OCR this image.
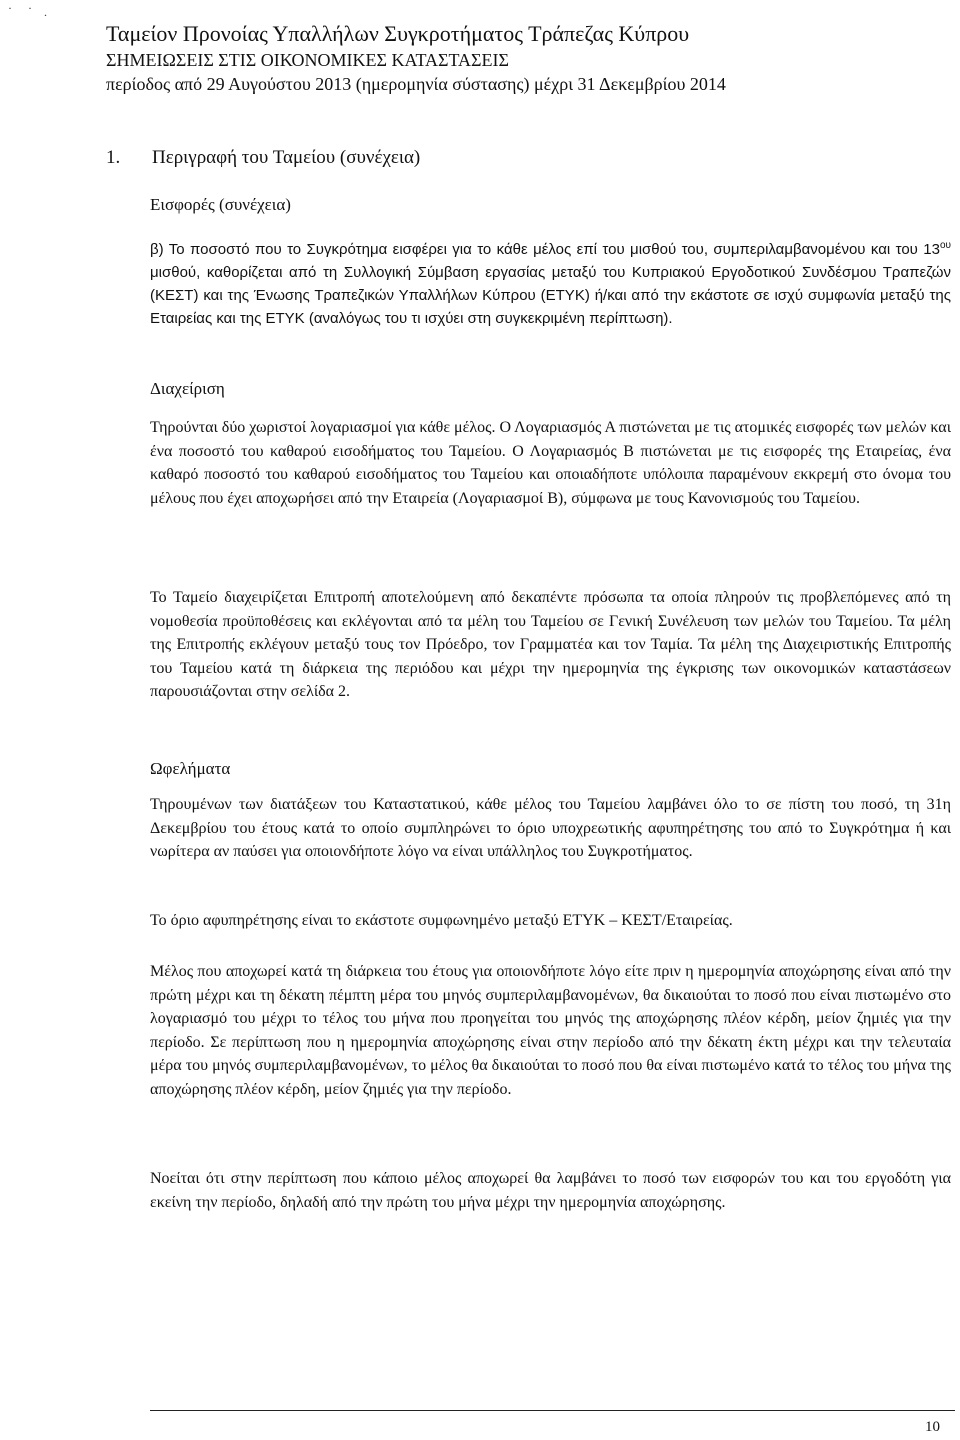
· · .
Ταμείον Προνοίας Υπαλλήλων Συγκροτήματος Τράπεζας Κύπρου
ΣΗΜΕΙΩΣΕΙΣ ΣΤΙΣ ΟΙΚΟΝΟΜΙΚΕΣ ΚΑΤΑΣΤΑΣΕΙΣ
περίοδος από 29 Αυγούστου 2013 (ημερομηνία σύστασης) μέχρι 31 Δεκεμβρίου 2014
1. Περιγραφή του Ταμείου (συνέχεια)
Εισφορές (συνέχεια)
β) Το ποσοστό που το Συγκρότημα εισφέρει για το κάθε μέλος επί του μισθού του, συμπεριλαμβανομένου και του $13^{o\upsilon}$ μισθού, καθορίζεται από τη Συλλογική Σύμβαση εργασίας μεταξύ του Κυπριακού Εργοδοτικού Συνδέσμου Τραπεζών (ΚΕΣΤ) και της Ένωσης Τραπεζικών Υπαλλήλων Κύπρου (ΕΤΥΚ) ή/και από την εκάστοτε σε ισχύ συμφωνία μεταξύ της Εταιρείας και της ΕΤΥΚ (αναλόγως του τι ισχύει στη συγκεκριμένη περίπτωση).
Διαχείριση
Τηρούνται δύο χωριστοί λογαριασμοί για κάθε μέλος. Ο Λογαριασμός Α πιστώνεται με τις ατομικές εισφορές των μελών και ένα ποσοστό του καθαρού εισοδήματος του Ταμείου. Ο Λογαριασμός Β πιστώνεται με τις εισφορές της Εταιρείας, ένα καθαρό ποσοστό του καθαρού εισοδήματος του Ταμείου και οποιαδήποτε υπόλοιπα παραμένουν εκκρεμή στο όνομα του μέλους που έχει αποχωρήσει από την Εταιρεία (Λογαριασμοί Β), σύμφωνα με τους Κανονισμούς του Ταμείου.
Το Ταμείο διαχειρίζεται Επιτροπή αποτελούμενη από δεκαπέντε πρόσωπα τα οποία πληρούν τις προβλεπόμενες από τη νομοθεσία προϋποθέσεις και εκλέγονται από τα μέλη του Ταμείου σε Γενική Συνέλευση των μελών του Ταμείου. Τα μέλη της Επιτροπής εκλέγουν μεταξύ τους τον Πρόεδρο, τον Γραμματέα και τον Ταμία. Τα μέλη της Διαχειριστικής Επιτροπής του Ταμείου κατά τη διάρκεια της περιόδου και μέχρι την ημερομηνία της έγκρισης των οικονομικών καταστάσεων παρουσιάζονται στην σελίδα 2.
Ωφελήματα
Τηρουμένων των διατάξεων του Καταστατικού, κάθε μέλος του Ταμείου λαμβάνει όλο το σε πίστη του ποσό, τη 31η Δεκεμβρίου του έτους κατά το οποίο συμπληρώνει το όριο υποχρεωτικής αφυπηρέτησης του από το Συγκρότημα ή και νωρίτερα αν παύσει για οποιονδήποτε λόγο να είναι υπάλληλος του Συγκροτήματος.
Το όριο αφυπηρέτησης είναι το εκάστοτε συμφωνημένο μεταξύ ΕΤΥΚ – ΚΕΣΤ/Εταιρείας.
Μέλος που αποχωρεί κατά τη διάρκεια του έτους για οποιονδήποτε λόγο είτε πριν η ημερομηνία αποχώρησης είναι από την πρώτη μέχρι και τη δέκατη πέμπτη μέρα του μηνός συμπεριλαμβανομένων, θα δικαιούται το ποσό που είναι πιστωμένο στο λογαριασμό του μέχρι το τέλος του μήνα που προηγείται του μηνός της αποχώρησης πλέον κέρδη, μείον ζημιές για την περίοδο. Σε περίπτωση που η ημερομηνία αποχώρησης είναι στην περίοδο από την δέκατη έκτη μέχρι και την τελευταία μέρα του μηνός συμπεριλαμβανομένων, το μέλος θα δικαιούται το ποσό που θα είναι πιστωμένο κατά το τέλος του μήνα της αποχώρησης πλέον κέρδη, μείον ζημιές για την περίοδο.
Νοείται ότι στην περίπτωση που κάποιο μέλος αποχωρεί θα λαμβάνει το ποσό των εισφορών του και του εργοδότη για εκείνη την περίοδο, δηλαδή από την πρώτη του μήνα μέχρι την ημερομηνία αποχώρησης.
10
